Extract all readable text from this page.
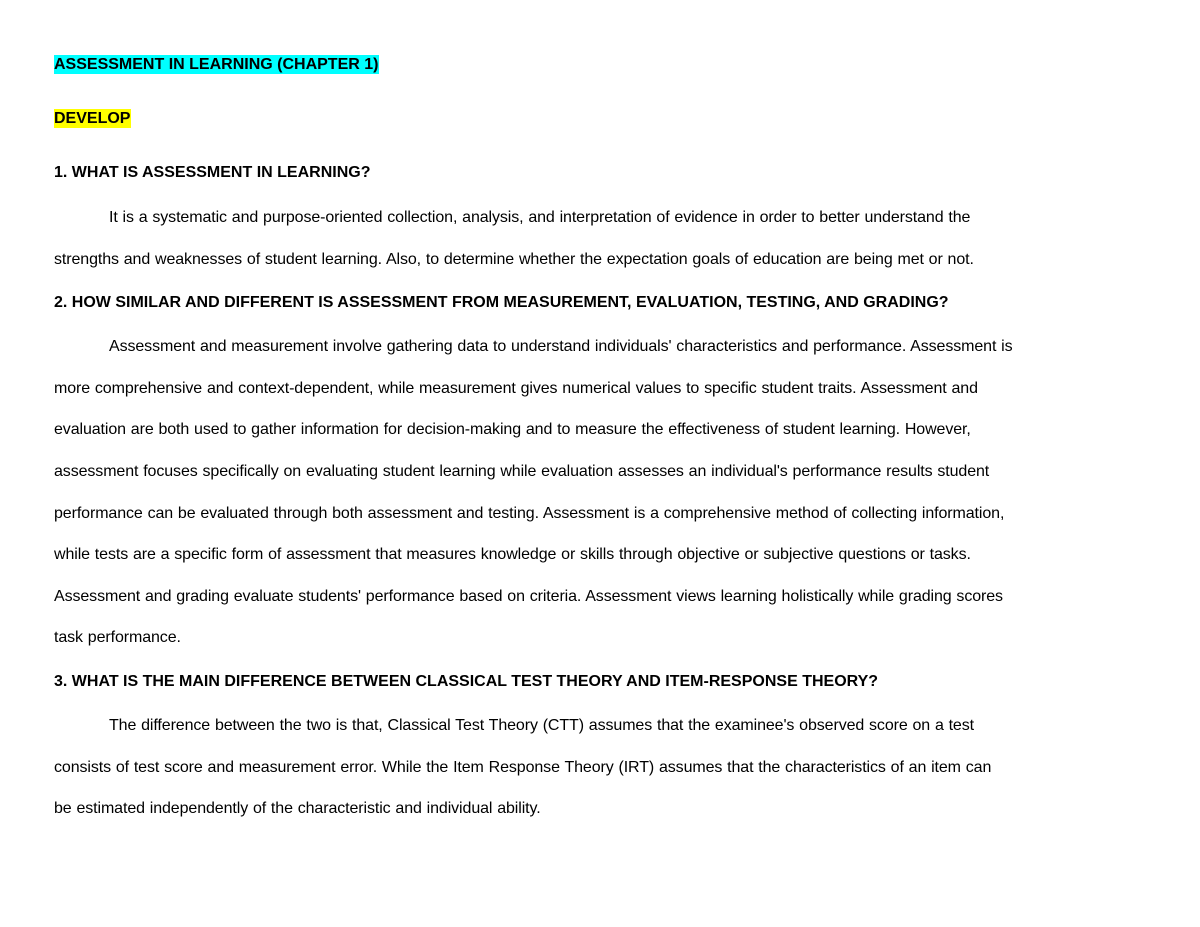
ASSESSMENT IN LEARNING (CHAPTER 1)

DEVELOP

1. WHAT IS ASSESSMENT IN LEARNING?

It is a systematic and purpose-oriented collection, analysis, and interpretation of evidence in order to better understand the
strengths and weaknesses of student learning. Also, to determine whether the expectation goals of education are being met or not.

2. HOW SIMILAR AND DIFFERENT IS ASSESSMENT FROM MEASUREMENT, EVALUATION, TESTING, AND GRADING?

Assessment and measurement involve gathering data to understand individuals' characteristics and performance. Assessment is
more comprehensive and context-dependent, while measurement gives numerical values to specific student traits. Assessment and
evaluation are both used to gather information for decision-making and to measure the effectiveness of student learning. However,
assessment focuses specifically on evaluating student learning while evaluation assesses an individual's performance results student
performance can be evaluated through both assessment and testing. Assessment is a comprehensive method of collecting information,
while tests are a specific form of assessment that measures knowledge or skills through objective or subjective questions or tasks.
Assessment and grading evaluate students' performance based on criteria. Assessment views learning holistically while grading scores
task performance.

3. WHAT IS THE MAIN DIFFERENCE BETWEEN CLASSICAL TEST THEORY AND ITEM-RESPONSE THEORY?

The difference between the two is that, Classical Test Theory (CTT) assumes that the examinee's observed score on a test
consists of test score and measurement error. While the Item Response Theory (IRT) assumes that the characteristics of an item can
be estimated independently of the characteristic and individual ability.
